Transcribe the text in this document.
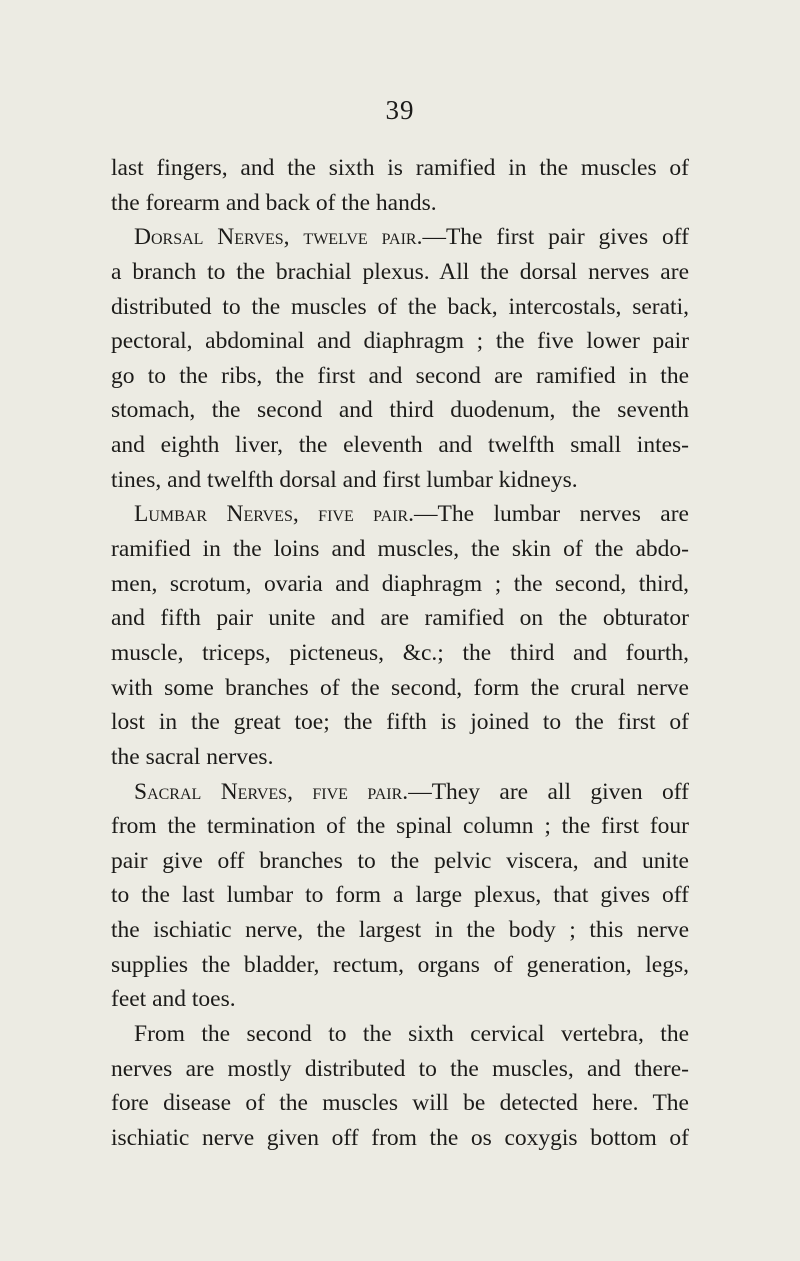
39
last fingers, and the sixth is ramified in the muscles of
the forearm and back of the hands.
Dorsal Nerves, twelve pair.—The first pair gives off
a branch to the brachial plexus. All the dorsal nerves are
distributed to the muscles of the back, intercostals, serati,
pectoral, abdominal and diaphragm ; the five lower pair
go to the ribs, the first and second are ramified in the
stomach, the second and third duodenum, the seventh
and eighth liver, the eleventh and twelfth small intes-
tines, and twelfth dorsal and first lumbar kidneys.
Lumbar Nerves, five pair.—The lumbar nerves are
ramified in the loins and muscles, the skin of the abdo-
men, scrotum, ovaria and diaphragm ; the second, third,
and fifth pair unite and are ramified on the obturator
muscle, triceps, picteneus, &c.; the third and fourth,
with some branches of the second, form the crural nerve
lost in the great toe; the fifth is joined to the first of
the sacral nerves.
Sacral Nerves, five pair.—They are all given off
from the termination of the spinal column ; the first four
pair give off branches to the pelvic viscera, and unite
to the last lumbar to form a large plexus, that gives off
the ischiatic nerve, the largest in the body ; this nerve
supplies the bladder, rectum, organs of generation, legs,
feet and toes.
From the second to the sixth cervical vertebra, the
nerves are mostly distributed to the muscles, and there-
fore disease of the muscles will be detected here. The
ischiatic nerve given off from the os coxygis bottom of
